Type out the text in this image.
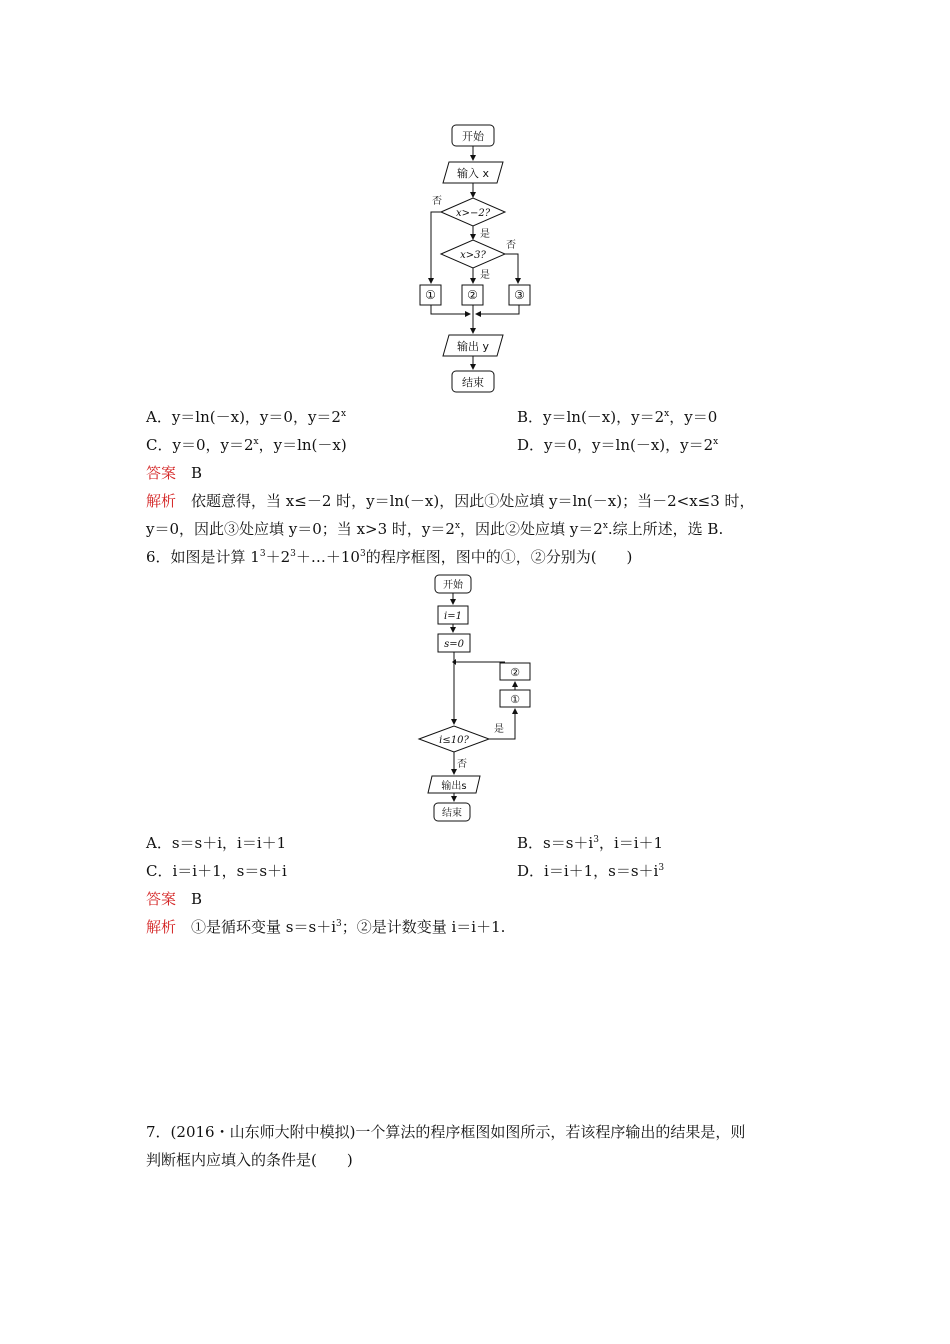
开始
输入 x
x>−2?
x>3?
否
是
否
是
①	②	③
输出 y
结束
A．y＝ln(－x)，y＝0，$y=2^x$	B．y＝ln(－x)，$y=2^x$，y＝0
C．y＝0，$y=2^x$，y＝ln(－x)	D．y＝0，y＝ln(－x)，$y=2^x$
答案　 B
解析　 依题意得，当 x≤－2 时，y＝ln(－x)，因此①处应填 y＝ln(－x)；当－2<x≤3 时，
y＝0，因此③处应填 y＝0；当 x>3 时，$y=2^x$，因此②处应填 $y=2^x$.综上所述，选 B.
6．如图是计算 $1^3+2^3+\dots+10^3$的程序框图，图中的①，②分别为(　　)
开始
i=1
s=0
②
①
i≤10?
是
否
输出s
结束
A．s＝s＋i，i＝i＋1	B．$s=s+i^3$，i＝i＋1
C．i＝i＋1，s＝s＋i	D．i＝i＋1，$s=s+i^3$
答案　 B
解析　 ①是循环变量 $s=s+i^3$；②是计数变量 i＝i＋1.
7．(2016・山东师大附中模拟)一个算法的程序框图如图所示，若该程序输出的结果是，则
判断框内应填入的条件是(　　)
